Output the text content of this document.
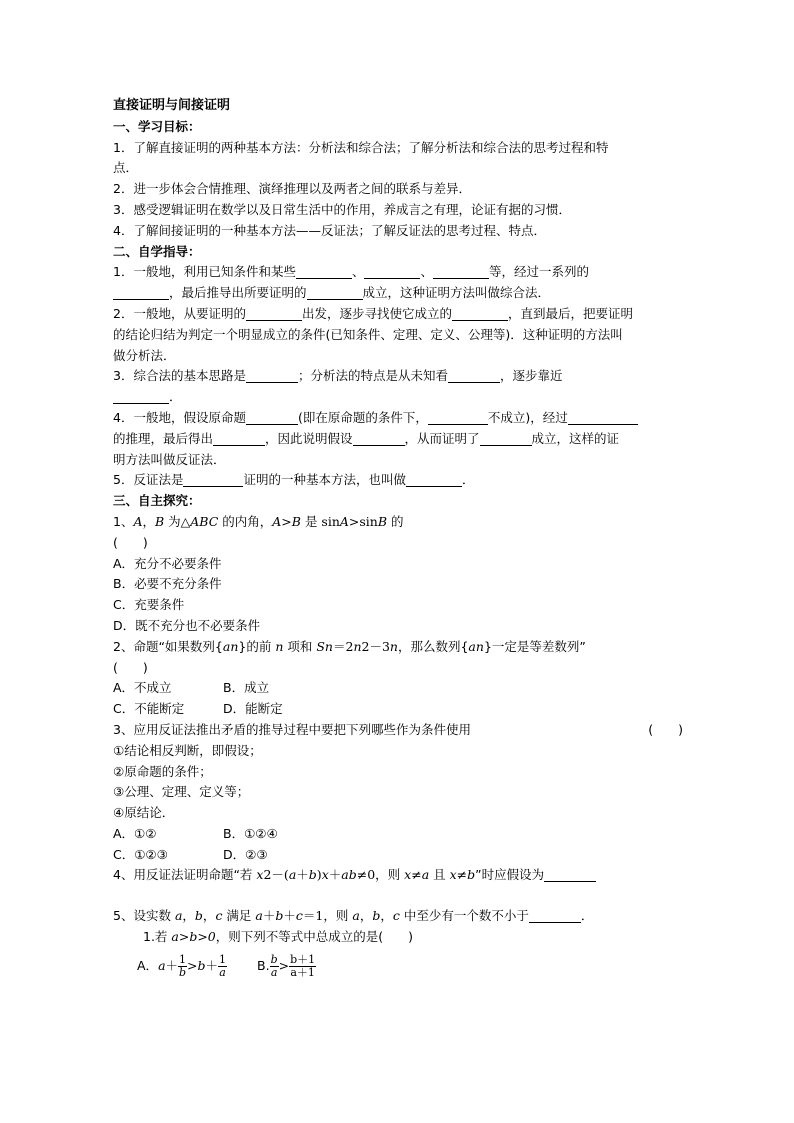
直接证明与间接证明
一、学习目标：
1．了解直接证明的两种基本方法：分析法和综合法；了解分析法和综合法的思考过程和特
点．
2．进一步体会合情推理、演绎推理以及两者之间的联系与差异．
3．感受逻辑证明在数学以及日常生活中的作用，养成言之有理，论证有据的习惯．
4．了解间接证明的一种基本方法——反证法；了解反证法的思考过程、特点．
二、自学指导：
1．一般地，利用已知条件和某些	、	、	等，经过一系列的
，最后推导出所要证明的	成立，这种证明方法叫做综合法．
2．一般地，从要证明的	出发，逐步寻找使它成立的	，直到最后，把要证明
的结论归结为判定一个明显成立的条件(已知条件、定理、定义、公理等)．这种证明的方法叫
做分析法．
3．综合法的基本思路是	；分析法的特点是从未知看	，逐步靠近
．
4．一般地，假设原命题	(即在原命题的条件下，	不成立)，经过
的推理，最后得出	，因此说明假设	，从而证明了	成立，这样的证
明方法叫做反证法．
5．反证法是	证明的一种基本方法，也叫做	．
三、自主探究：
1、A，B 为△ABC 的内角，A>B 是 sinA>sinB 的
(　　)
A．充分不必要条件
B．必要不充分条件
C．充要条件
D．既不充分也不必要条件
2、命题“如果数列{an}的前 n 项和 Sn＝2n2－3n，那么数列{an}一定是等差数列”
(　　)
A．不成立	B．成立
C．不能断定	D．能断定
3、应用反证法推出矛盾的推导过程中要把下列哪些作为条件使用	(　　)
①结论相反判断，即假设；
②原命题的条件；
③公理、定理、定义等；
④原结论．
A．①②	B．①②④
C．①②③	D．②③
4、用反证法证明命题“若 x2－(a＋b)x＋ab≠0，则 x≠a 且 x≠b”时应假设为
5、设实数 a，b，c 满足 a＋b＋c＝1，则 a，b，c 中至少有一个数不小于	．
1.若 a>b>0，则下列不等式中总成立的是(　　)
A．$a+ \frac{1}{b} >b+ \frac{1}{a} B$. $\frac{b}{a} > \frac{b+1}{a+1}$
